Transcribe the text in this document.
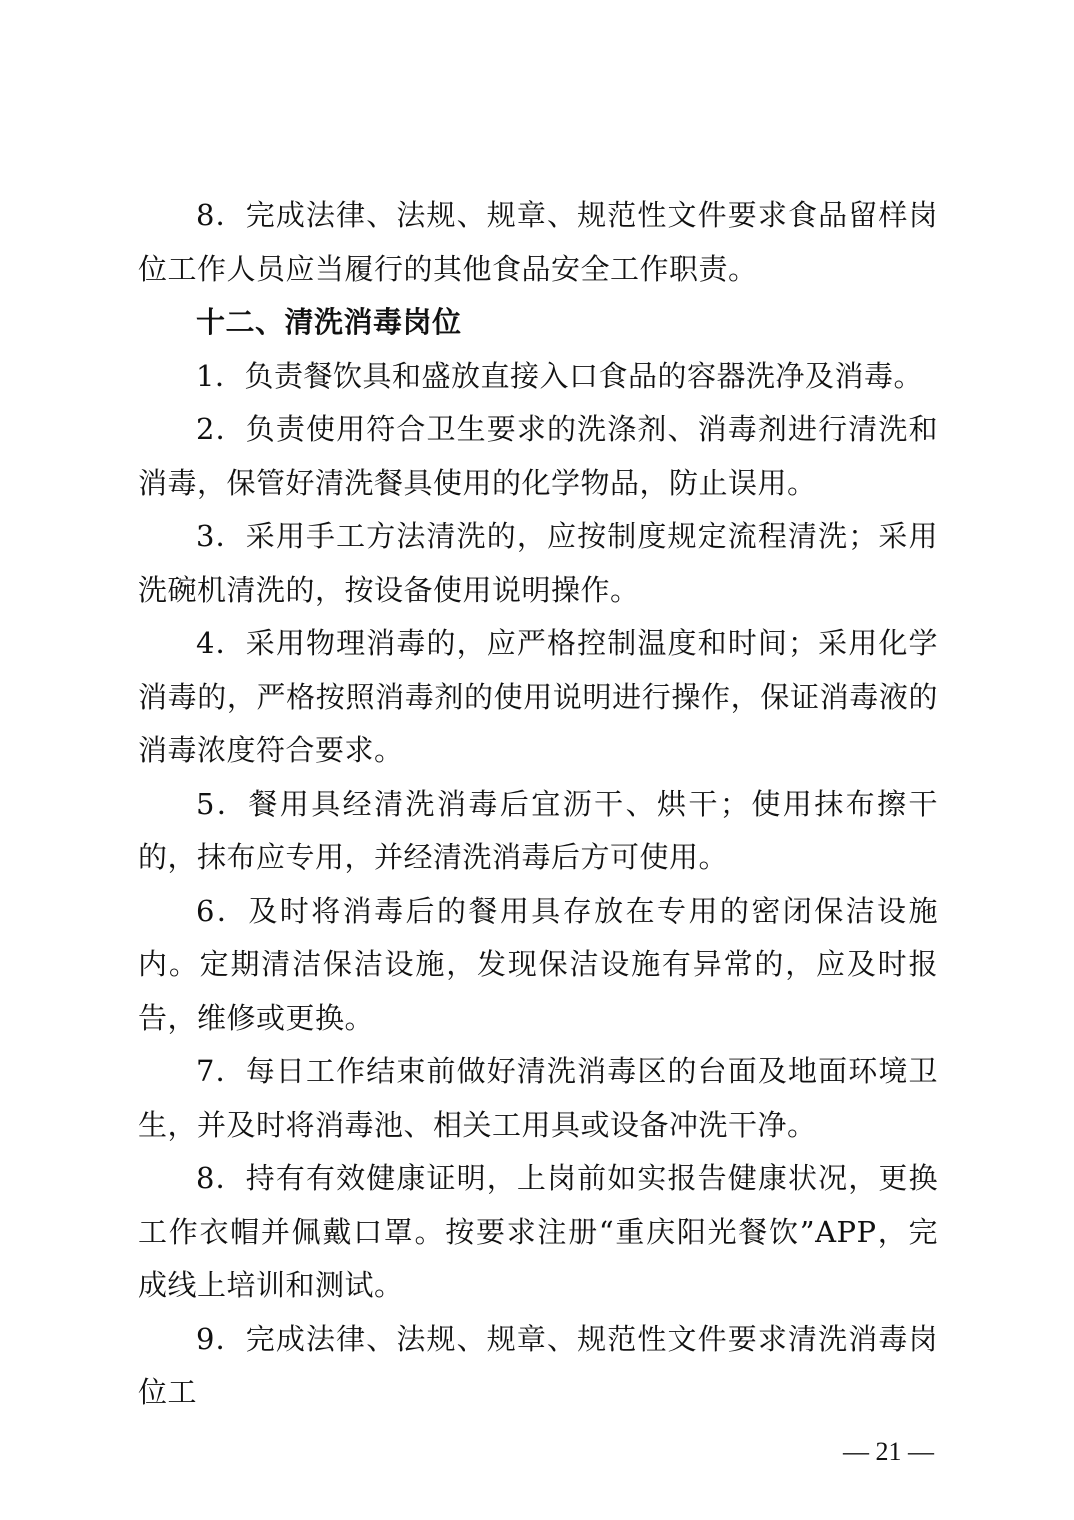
8．完成法律、法规、规章、规范性文件要求食品留样岗位工作人员应当履行的其他食品安全工作职责。

十二、清洗消毒岗位

1．负责餐饮具和盛放直接入口食品的容器洗净及消毒。

2．负责使用符合卫生要求的洗涤剂、消毒剂进行清洗和消毒，保管好清洗餐具使用的化学物品，防止误用。

3．采用手工方法清洗的，应按制度规定流程清洗；采用洗碗机清洗的，按设备使用说明操作。

4．采用物理消毒的，应严格控制温度和时间；采用化学消毒的，严格按照消毒剂的使用说明进行操作，保证消毒液的消毒浓度符合要求。

5．餐用具经清洗消毒后宜沥干、烘干；使用抹布擦干的，抹布应专用，并经清洗消毒后方可使用。

6．及时将消毒后的餐用具存放在专用的密闭保洁设施内。定期清洁保洁设施，发现保洁设施有异常的，应及时报告，维修或更换。

7．每日工作结束前做好清洗消毒区的台面及地面环境卫生，并及时将消毒池、相关工用具或设备冲洗干净。

8．持有有效健康证明，上岗前如实报告健康状况，更换工作衣帽并佩戴口罩。按要求注册“重庆阳光餐饮”APP，完成线上培训和测试。

9．完成法律、法规、规章、规范性文件要求清洗消毒岗位工

— 21 —
